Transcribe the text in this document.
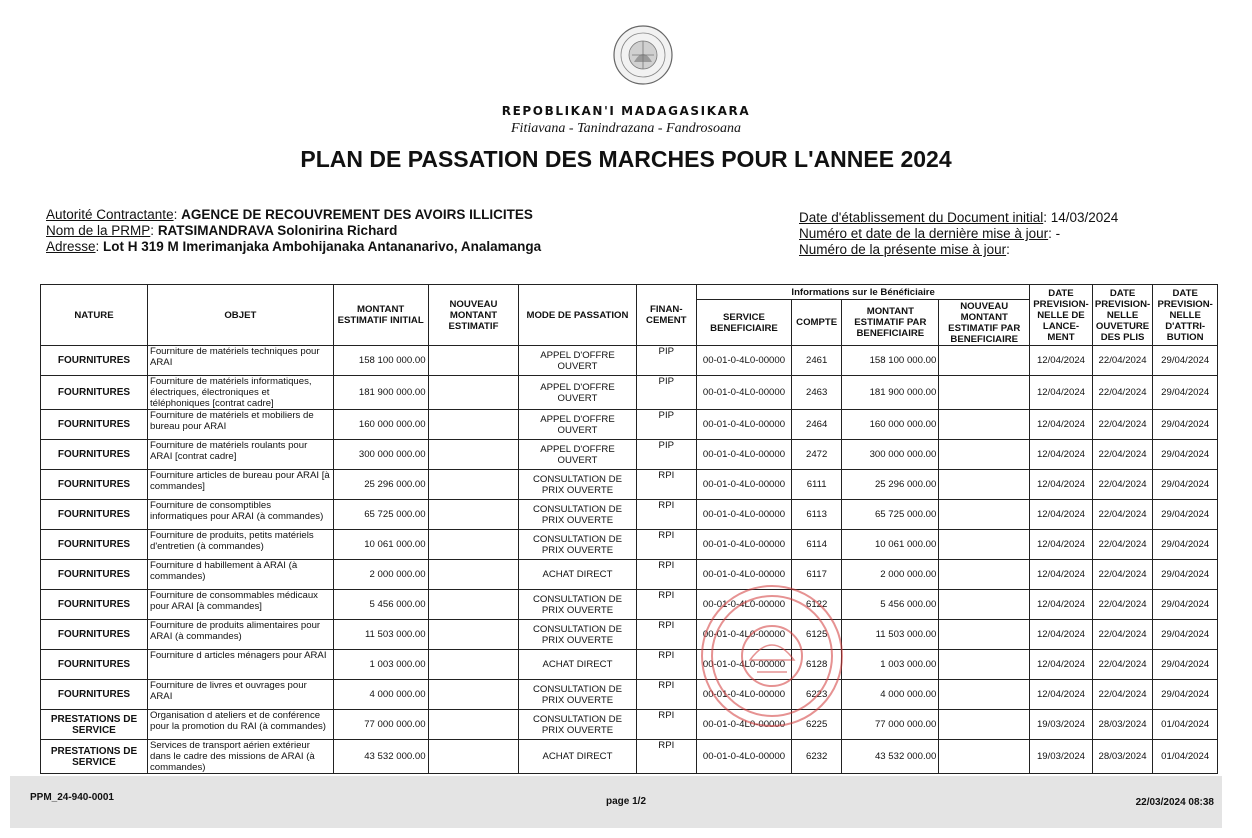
REPOBLIKAN'I MADAGASIKARA
Fitiavana - Tanindrazana - Fandrosoana
PLAN DE PASSATION DES MARCHES POUR L'ANNEE 2024
Autorité Contractante: AGENCE DE RECOUVREMENT DES AVOIRS ILLICITES
Nom de la PRMP: RATSIMANDRAVA Solonirina Richard
Adresse: Lot H 319 M Imerimanjaka Ambohijanaka Antananarivo, Analamanga
Date d'établissement du Document initial: 14/03/2024
Numéro et date de la dernière mise à jour: -
Numéro de la présente mise à jour:
NATURE	OBJET	MONTANT ESTIMATIF INITIAL	NOUVEAU MONTANT ESTIMATIF	MODE DE PASSATION	FINAN-CEMENT	Informations sur le Bénéficiaire				DATE PREVISION-NELLE DE LANCE-MENT	DATE PREVISION-NELLE OUVETURE DES PLIS	DATE PREVISION-NELLE D'ATTRI-BUTION
						SERVICE BENEFICIAIRE	COMPTE	MONTANT ESTIMATIF PAR BENEFICIAIRE	NOUVEAU MONTANT ESTIMATIF PAR BENEFICIAIRE			
FOURNITURES	Fourniture de matériels techniques pour ARAI	158 100 000.00		APPEL D'OFFRE OUVERT	PIP	00-01-0-4L0-00000	2461	158 100 000.00		12/04/2024	22/04/2024	29/04/2024
FOURNITURES	Fourniture de matériels informatiques, électriques, électroniques et téléphoniques [contrat cadre]	181 900 000.00		APPEL D'OFFRE OUVERT	PIP	00-01-0-4L0-00000	2463	181 900 000.00		12/04/2024	22/04/2024	29/04/2024
FOURNITURES	Fourniture de matériels et mobiliers de bureau pour ARAI	160 000 000.00		APPEL D'OFFRE OUVERT	PIP	00-01-0-4L0-00000	2464	160 000 000.00		12/04/2024	22/04/2024	29/04/2024
FOURNITURES	Fourniture de matériels roulants pour ARAI [contrat cadre]	300 000 000.00		APPEL D'OFFRE OUVERT	PIP	00-01-0-4L0-00000	2472	300 000 000.00		12/04/2024	22/04/2024	29/04/2024
FOURNITURES	Fourniture articles de bureau pour ARAI [à commandes]	25 296 000.00		CONSULTATION DE PRIX OUVERTE	RPI	00-01-0-4L0-00000	6111	25 296 000.00		12/04/2024	22/04/2024	29/04/2024
FOURNITURES	Fourniture de consomptibles informatiques pour ARAI (à commandes)	65 725 000.00		CONSULTATION DE PRIX OUVERTE	RPI	00-01-0-4L0-00000	6113	65 725 000.00		12/04/2024	22/04/2024	29/04/2024
FOURNITURES	Fourniture de produits, petits matériels d'entretien (à commandes)	10 061 000.00		CONSULTATION DE PRIX OUVERTE	RPI	00-01-0-4L0-00000	6114	10 061 000.00		12/04/2024	22/04/2024	29/04/2024
FOURNITURES	Fourniture d habillement à ARAI (à commandes)	2 000 000.00		ACHAT DIRECT	RPI	00-01-0-4L0-00000	6117	2 000 000.00		12/04/2024	22/04/2024	29/04/2024
FOURNITURES	Fourniture de consommables médicaux pour ARAI [à commandes]	5 456 000.00		CONSULTATION DE PRIX OUVERTE	RPI	00-01-0-4L0-00000	6122	5 456 000.00		12/04/2024	22/04/2024	29/04/2024
FOURNITURES	Fourniture de produits alimentaires pour ARAI (à commandes)	11 503 000.00		CONSULTATION DE PRIX OUVERTE	RPI	00-01-0-4L0-00000	6125	11 503 000.00		12/04/2024	22/04/2024	29/04/2024
FOURNITURES	Fourniture d articles ménagers pour ARAI	1 003 000.00		ACHAT DIRECT	RPI	00-01-0-4L0-00000	6128	1 003 000.00		12/04/2024	22/04/2024	29/04/2024
FOURNITURES	Fourniture de livres et ouvrages pour ARAI	4 000 000.00		CONSULTATION DE PRIX OUVERTE	RPI	00-01-0-4L0-00000	6223	4 000 000.00		12/04/2024	22/04/2024	29/04/2024
PRESTATIONS DE SERVICE	Organisation d ateliers et de conférence pour la promotion du RAI (à commandes)	77 000 000.00		CONSULTATION DE PRIX OUVERTE	RPI	00-01-0-4L0-00000	6225	77 000 000.00		19/03/2024	28/03/2024	01/04/2024
PRESTATIONS DE SERVICE	Services de transport aérien extérieur dans le cadre des missions de ARAI (à commandes)	43 532 000.00		ACHAT DIRECT	RPI	00-01-0-4L0-00000	6232	43 532 000.00		19/03/2024	28/03/2024	01/04/2024
PPM_24-940-0001	page 1/2	22/03/2024 08:38
